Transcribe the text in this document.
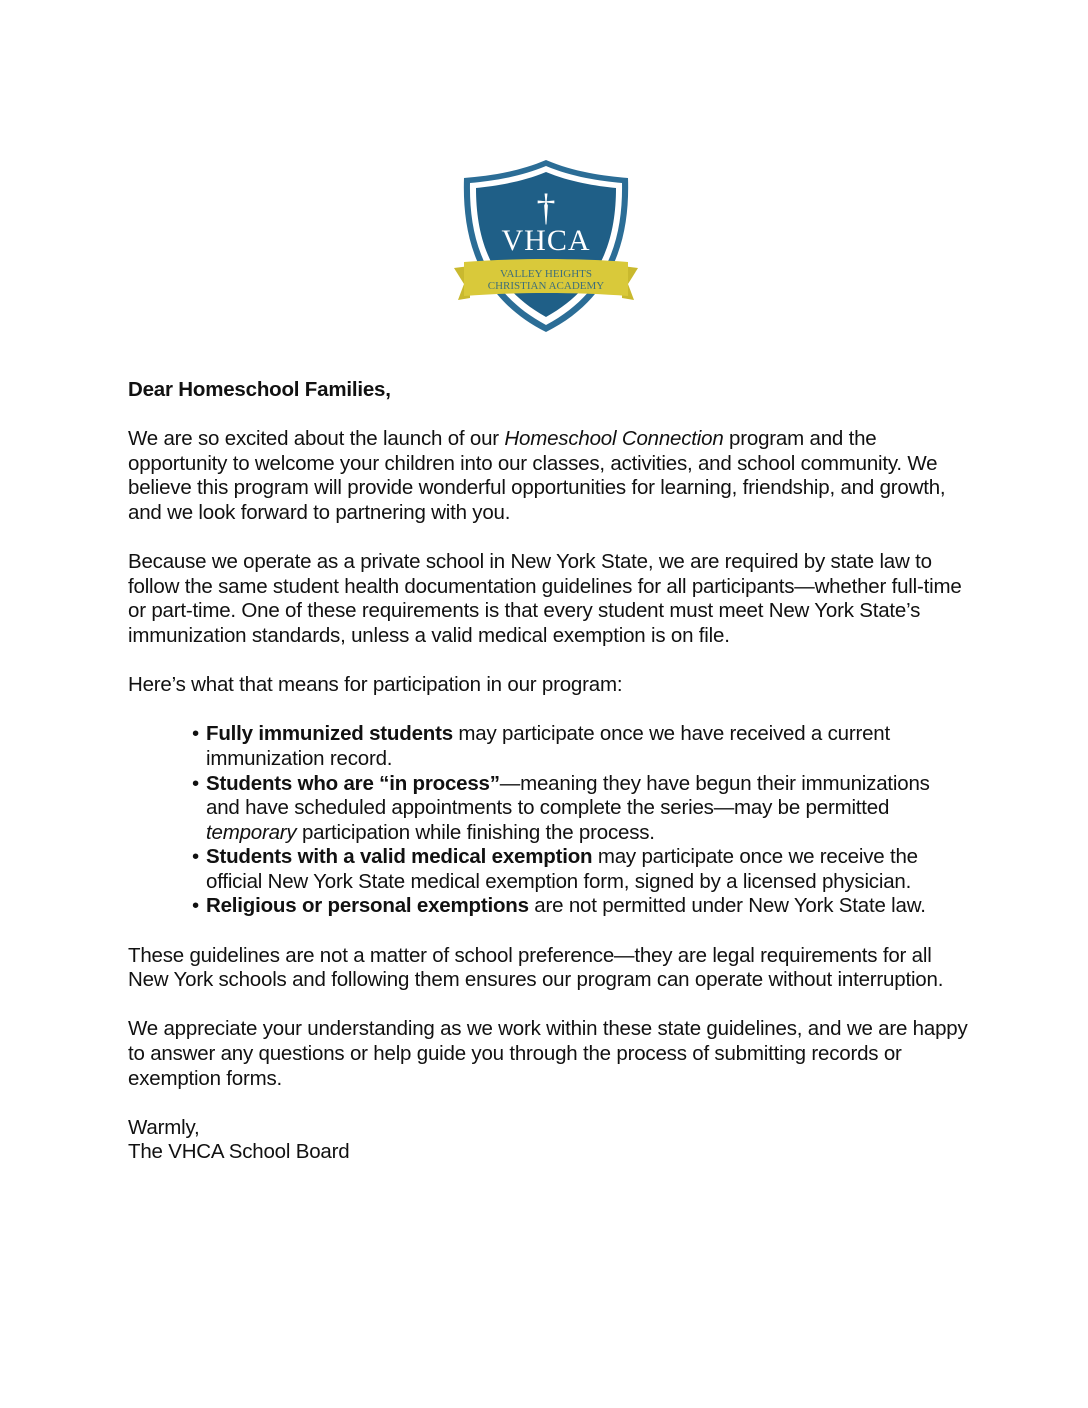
†
VHCA
VALLEY HEIGHTS
CHRISTIAN ACADEMY

Dear Homeschool Families,

We are so excited about the launch of our Homeschool Connection program and the opportunity to welcome your children into our classes, activities, and school community. We believe this program will provide wonderful opportunities for learning, friendship, and growth, and we look forward to partnering with you.

Because we operate as a private school in New York State, we are required by state law to follow the same student health documentation guidelines for all participants—whether full-time or part-time. One of these requirements is that every student must meet New York State’s immunization standards, unless a valid medical exemption is on file.

Here’s what that means for participation in our program:

• Fully immunized students may participate once we have received a current immunization record.
• Students who are “in process”—meaning they have begun their immunizations and have scheduled appointments to complete the series—may be permitted temporary participation while finishing the process.
• Students with a valid medical exemption may participate once we receive the official New York State medical exemption form, signed by a licensed physician.
• Religious or personal exemptions are not permitted under New York State law.

These guidelines are not a matter of school preference—they are legal requirements for all New York schools and following them ensures our program can operate without interruption.

We appreciate your understanding as we work within these state guidelines, and we are happy to answer any questions or help guide you through the process of submitting records or exemption forms.

Warmly,

The VHCA School Board
